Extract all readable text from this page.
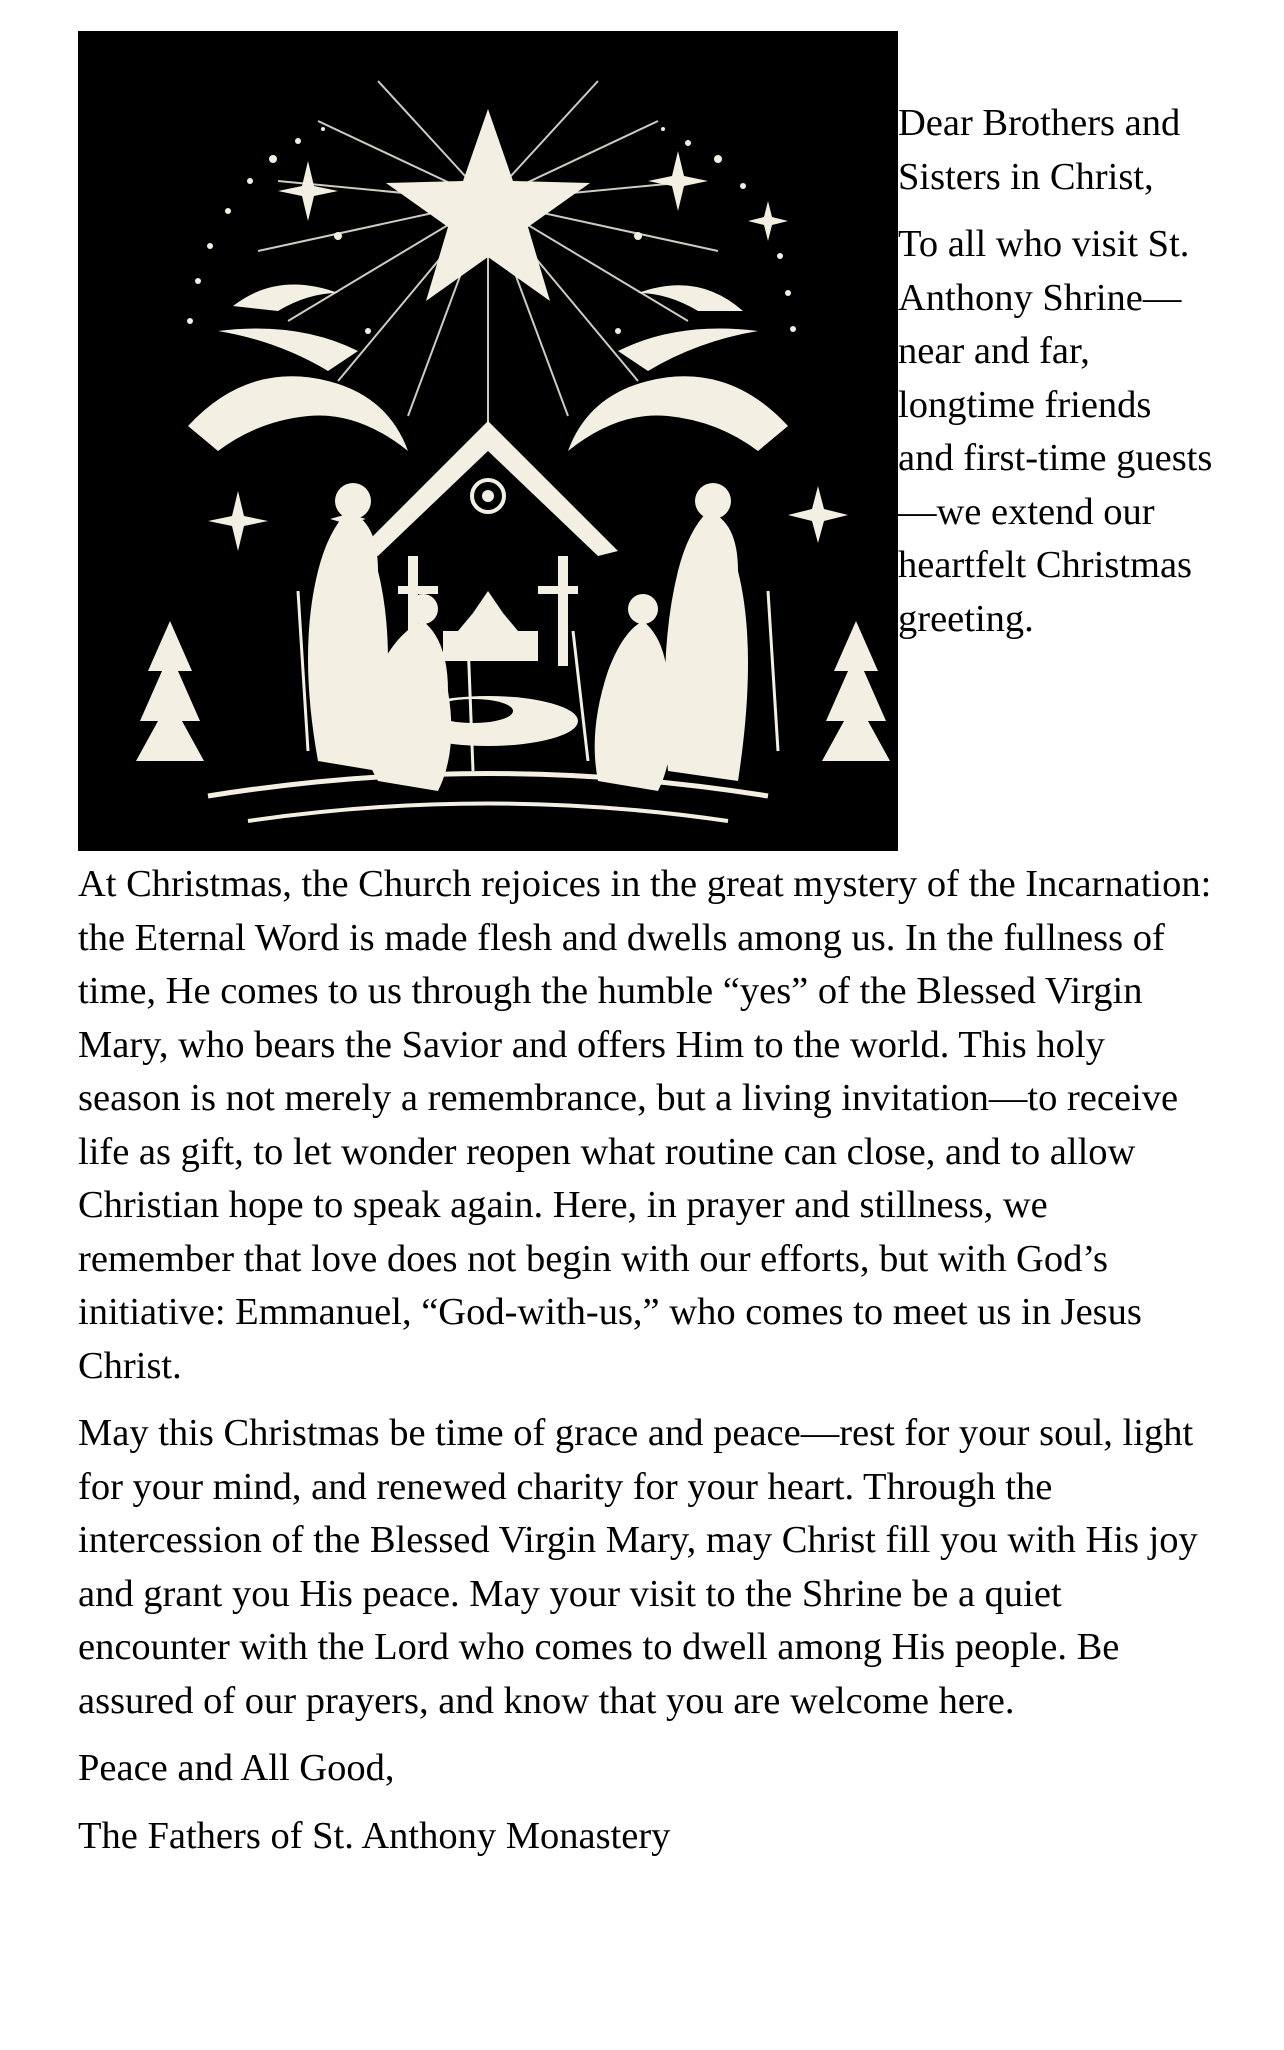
Dear Brothers and Sisters in Christ,

To all who visit St. Anthony Shrine—near and far, longtime friends and first-time guests—we extend our heartfelt Christmas greeting.

At Christmas, the Church rejoices in the great mystery of the Incarnation: the Eternal Word is made flesh and dwells among us. In the fullness of time, He comes to us through the humble “yes” of the Blessed Virgin Mary, who bears the Savior and offers Him to the world. This holy season is not merely a remembrance, but a living invitation—to receive life as gift, to let wonder reopen what routine can close, and to allow Christian hope to speak again. Here, in prayer and stillness, we remember that love does not begin with our efforts, but with God’s initiative: Emmanuel, “God-with-us,” who comes to meet us in Jesus Christ.

May this Christmas be time of grace and peace—rest for your soul, light for your mind, and renewed charity for your heart. Through the intercession of the Blessed Virgin Mary, may Christ fill you with His joy and grant you His peace. May your visit to the Shrine be a quiet encounter with the Lord who comes to dwell among His people. Be assured of our prayers, and know that you are welcome here.

Peace and All Good,

The Fathers of St. Anthony Monastery
